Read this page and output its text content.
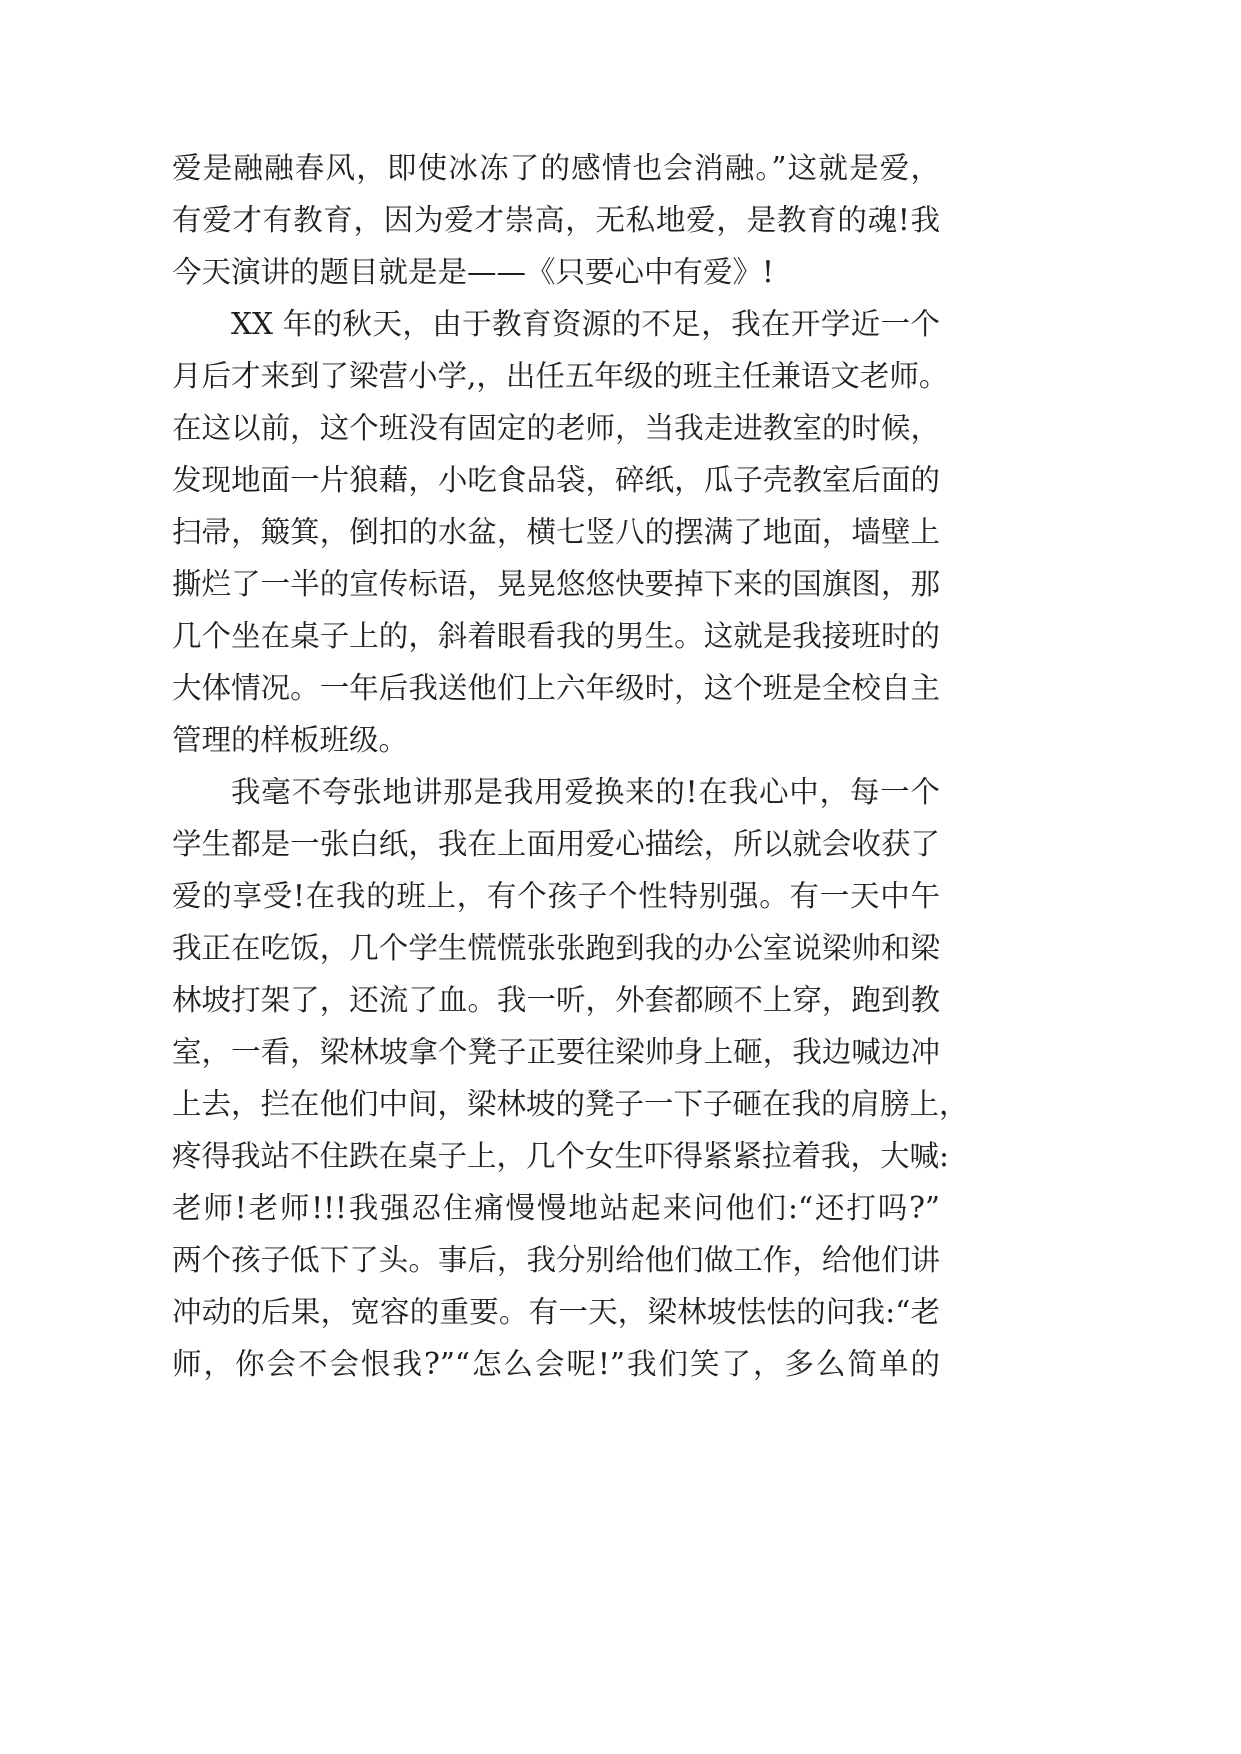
爱是融融春风，即使冰冻了的感情也会消融。”这就是爱，
有爱才有教育，因为爱才崇高，无私地爱，是教育的魂!我
今天演讲的题目就是是——《只要心中有爱》!
XX 年的秋天，由于教育资源的不足，我在开学近一个
月后才来到了梁营小学,，出任五年级的班主任兼语文老师。
在这以前，这个班没有固定的老师，当我走进教室的时候，
发现地面一片狼藉，小吃食品袋，碎纸，瓜子壳教室后面的
扫帚，簸箕，倒扣的水盆，横七竖八的摆满了地面，墙壁上
撕烂了一半的宣传标语，晃晃悠悠快要掉下来的国旗图，那
几个坐在桌子上的，斜着眼看我的男生。这就是我接班时的
大体情况。一年后我送他们上六年级时，这个班是全校自主
管理的样板班级。
我毫不夸张地讲那是我用爱换来的!在我心中，每一个
学生都是一张白纸，我在上面用爱心描绘，所以就会收获了
爱的享受!在我的班上，有个孩子个性特别强。有一天中午
我正在吃饭，几个学生慌慌张张跑到我的办公室说梁帅和梁
林坡打架了，还流了血。我一听，外套都顾不上穿，跑到教
室，一看，梁林坡拿个凳子正要往梁帅身上砸，我边喊边冲
上去，拦在他们中间，梁林坡的凳子一下子砸在我的肩膀上，
疼得我站不住跌在桌子上，几个女生吓得紧紧拉着我，大喊:
老师!老师!!!我强忍住痛慢慢地站起来问他们:“还打吗?”
两个孩子低下了头。事后，我分别给他们做工作，给他们讲
冲动的后果，宽容的重要。有一天，梁林坡怯怯的问我:“老
师，你会不会恨我?”“怎么会呢!”我们笑了，多么简单的
